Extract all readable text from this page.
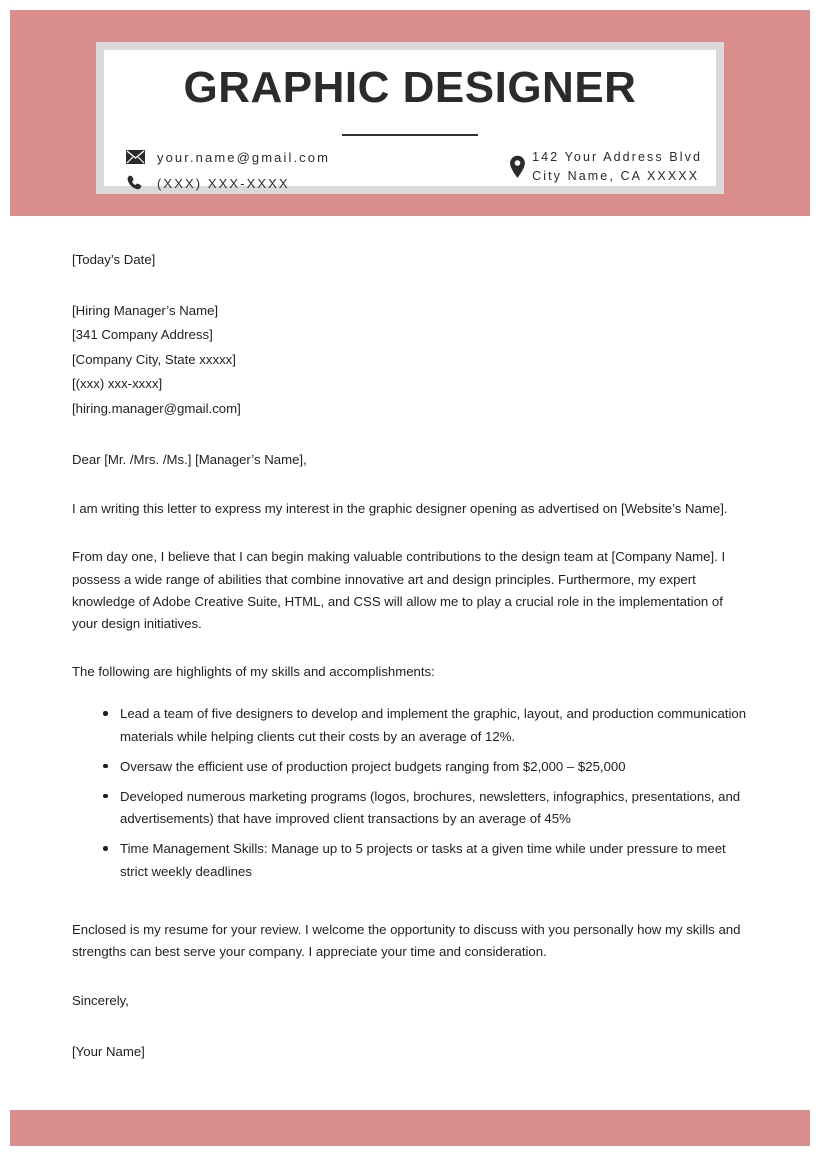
GRAPHIC DESIGNER
your.name@gmail.com
(XXX) XXX-XXXX
142 Your Address Blvd
City Name, CA XXXXX
[Today’s Date]
[Hiring Manager’s Name]
[341 Company Address]
[Company City, State xxxxx]
[(xxx) xxx-xxxx]
[hiring.manager@gmail.com]
Dear [Mr. /Mrs. /Ms.] [Manager’s Name],

I am writing this letter to express my interest in the graphic designer opening as advertised on [Website’s Name].

From day one, I believe that I can begin making valuable contributions to the design team at [Company Name]. I possess a wide range of abilities that combine innovative art and design principles. Furthermore, my expert knowledge of Adobe Creative Suite, HTML, and CSS will allow me to play a crucial role in the implementation of your design initiatives.

The following are highlights of my skills and accomplishments:

Lead a team of five designers to develop and implement the graphic, layout, and production communication materials while helping clients cut their costs by an average of 12%.
Oversaw the efficient use of production project budgets ranging from $2,000 – $25,000
Developed numerous marketing programs (logos, brochures, newsletters, infographics, presentations, and advertisements) that have improved client transactions by an average of 45%
Time Management Skills: Manage up to 5 projects or tasks at a given time while under pressure to meet strict weekly deadlines

Enclosed is my resume for your review. I welcome the opportunity to discuss with you personally how my skills and strengths can best serve your company. I appreciate your time and consideration.

Sincerely,
[Your Name]
